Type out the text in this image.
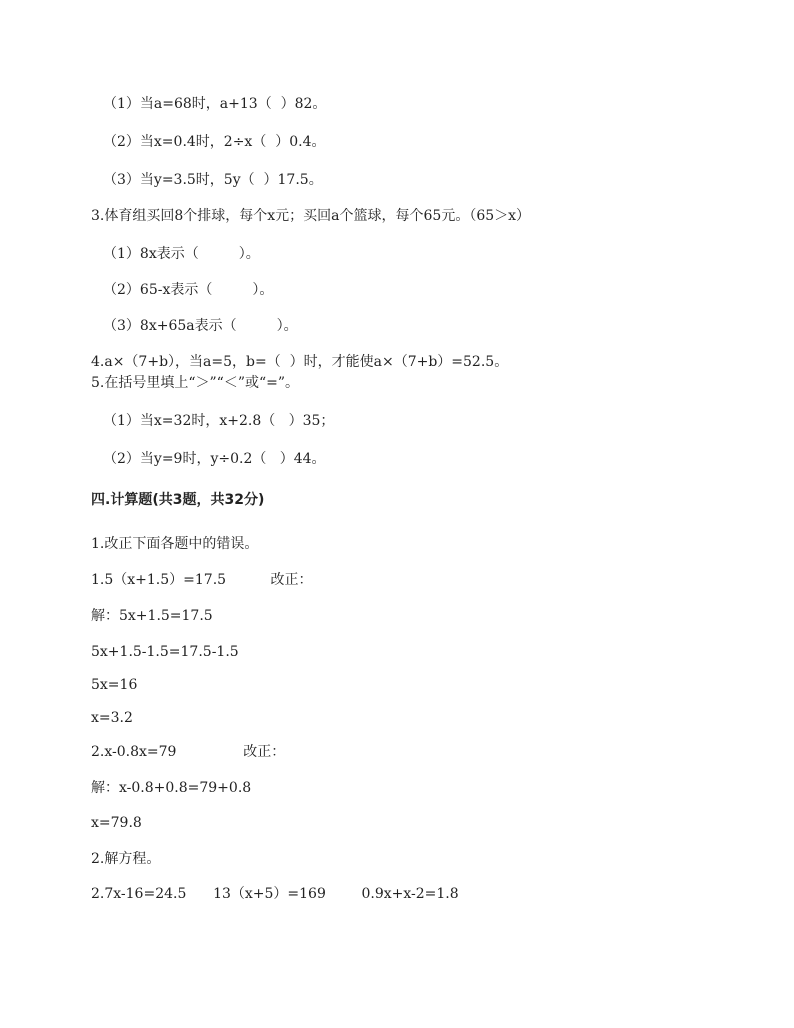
（1）当a=68时，a+13（  ）82。
（2）当x=0.4时，2÷x（  ）0.4。
（3）当y=3.5时，5y（  ）17.5。
3.体育组买回8个排球，每个x元；买回a个篮球，每个65元。（65＞x）
（1）8x表示（         ）。
（2）65-x表示（         ）。
（3）8x+65a表示（         ）。
4.a×（7+b），当a=5，b=（  ）时，才能使a×（7+b）=52.5。
5.在括号里填上“＞”“＜”或“=”。
（1）当x=32时，x+2.8（   ）35；
（2）当y=9时，y÷0.2（   ）44。
四.计算题(共3题，共32分)
1.改正下面各题中的错误。
1.5（x+1.5）=17.5          改正：
解：5x+1.5=17.5
5x+1.5-1.5=17.5-1.5
5x=16
x=3.2
2.x-0.8x=79               改正：
解：x-0.8+0.8=79+0.8
x=79.8
2.解方程。
2.7x-16=24.5      13（x+5）=169        0.9x+x-2=1.8
